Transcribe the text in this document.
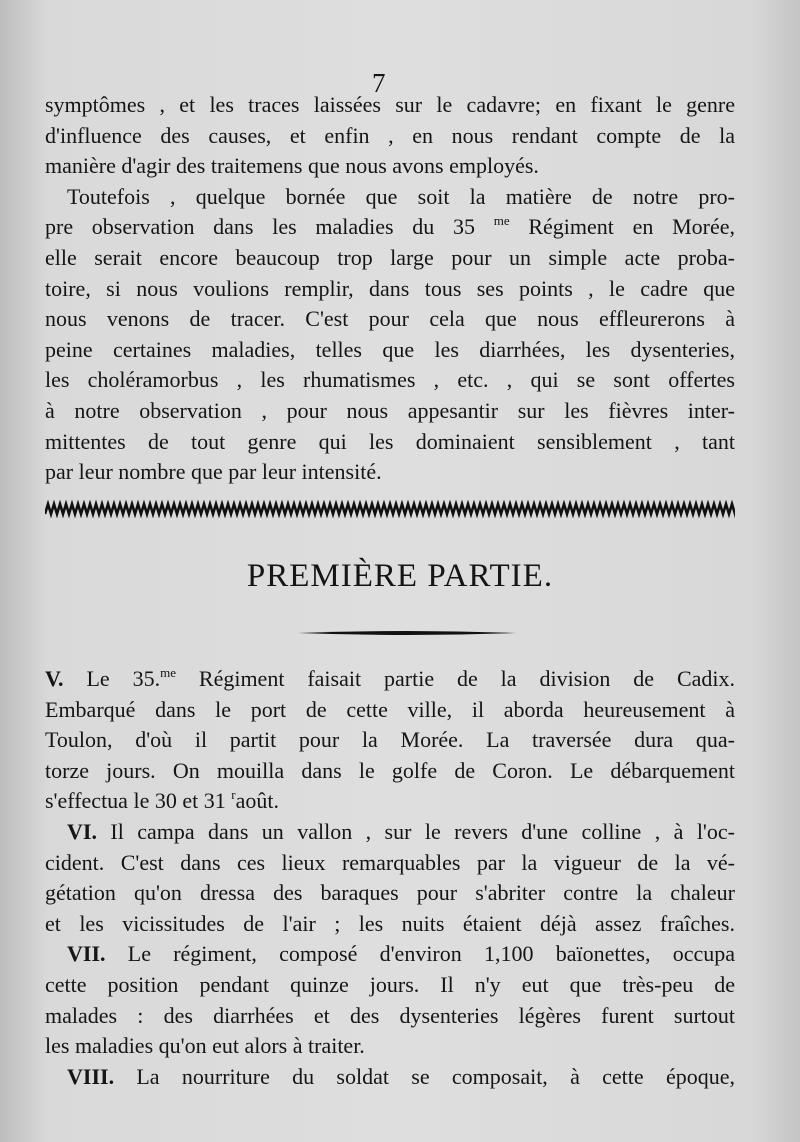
7
symptômes , et les traces laissées sur le cadavre; en fixant le genre
d'influence des causes, et enfin , en nous rendant compte de la
manière d'agir des traitemens que nous avons employés.
Toutefois , quelque bornée que soit la matière de notre pro-
pre observation dans les maladies du 35 $^{me}$ Régiment en Morée,
elle serait encore beaucoup trop large pour un simple acte proba-
toire, si nous voulions remplir, dans tous ses points , le cadre que
nous venons de tracer. C'est pour cela que nous effleurerons à
peine certaines maladies, telles que les diarrhées, les dysenteries,
les choléramorbus , les rhumatismes , etc. , qui se sont offertes
à notre observation , pour nous appesantir sur les fièvres inter-
mittentes de tout genre qui les dominaient sensiblement , tant
par leur nombre que par leur intensité.
PREMIÈRE PARTIE.
V. Le 35.$^{me}$ Régiment faisait partie de la division de Cadix.
Embarqué dans le port de cette ville, il aborda heureusement à
Toulon, d'où il partit pour la Morée. La traversée dura qua-
torze jours. On mouilla dans le golfe de Coron. Le débarquement
s'effectua le 30 et 31 $^r$août.
VI. Il campa dans un vallon , sur le revers d'une colline , à l'oc-
cident. C'est dans ces lieux remarquables par la vigueur de la vé-
gétation qu'on dressa des baraques pour s'abriter contre la chaleur
et les vicissitudes de l'air ; les nuits étaient déjà assez fraîches.
VII. Le régiment, composé d'environ 1,100 baïonettes, occupa
cette position pendant quinze jours. Il n'y eut que très-peu de
malades : des diarrhées et des dysenteries légères furent surtout
les maladies qu'on eut alors à traiter.
VIII. La nourriture du soldat se composait, à cette époque,
